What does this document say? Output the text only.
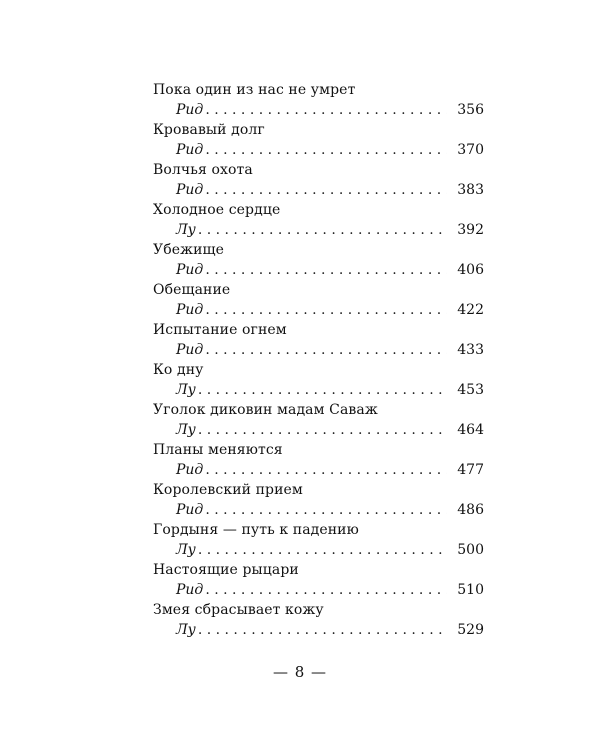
Пока один из нас не умрет
Рид . . .	356
Кровавый долг
Рид . . .	370
Волчья охота
Рид . . .	383
Холодное сердце
Лу . . .	392
Убежище
Рид . . .	406
Обещание
Рид . . .	422
Испытание огнем
Рид . . .	433
Ко дну
Лу . . .	453
Уголок диковин мадам Саваж
Лу . . .	464
Планы меняются
Рид . . .	477
Королевский прием
Рид . . .	486
Гордыня — путь к падению
Лу . . .	500
Настоящие рыцари
Рид . . .	510
Змея сбрасывает кожу
Лу . . .	529
— 8 —
